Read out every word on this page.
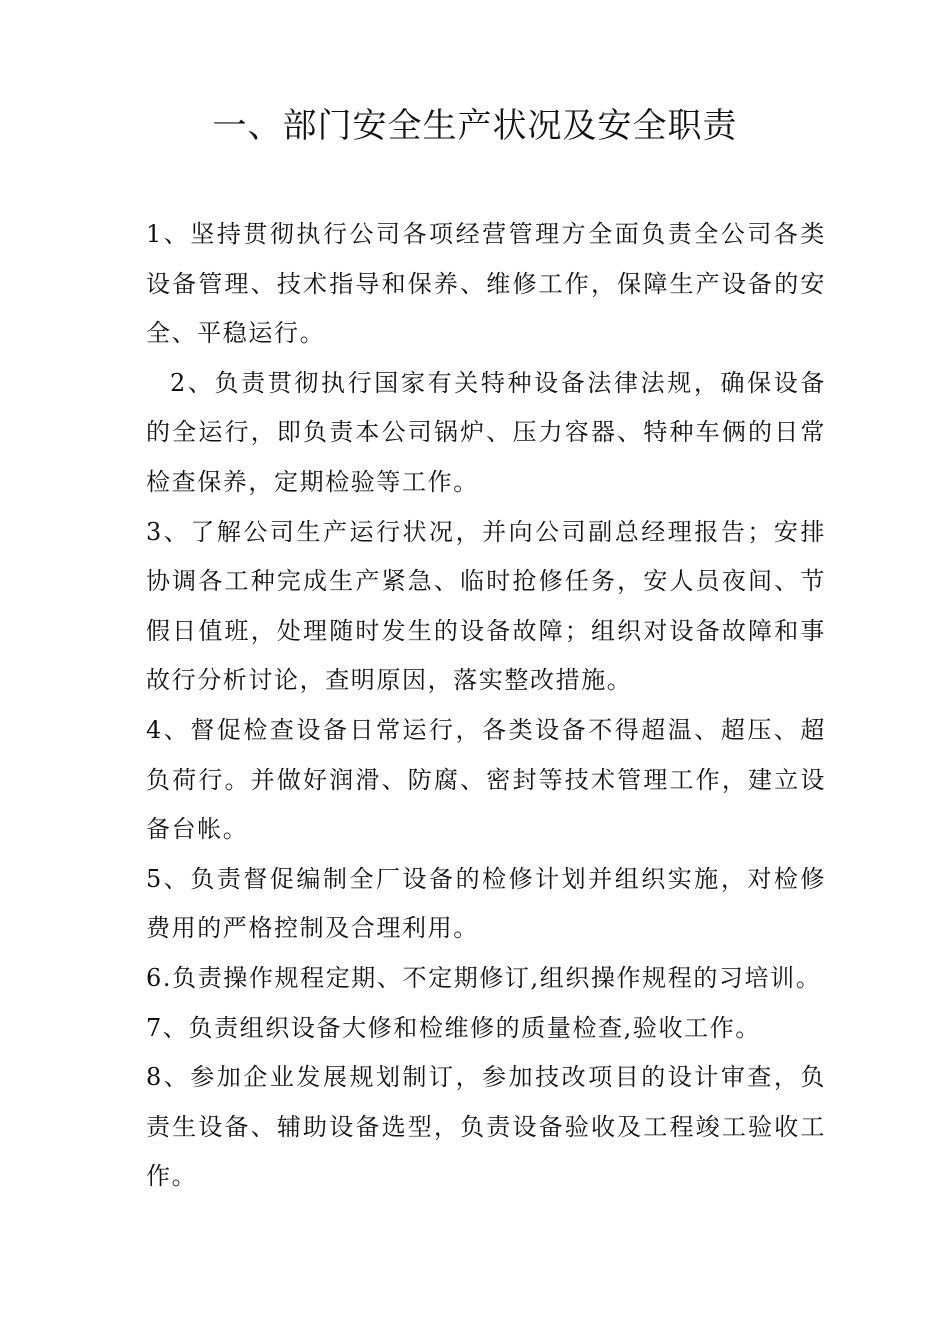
一、部门安全生产状况及安全职责

1、坚持贯彻执行公司各项经营管理方全面负责全公司各类设备管理、技术指导和保养、维修工作，保障生产设备的安全、平稳运行。

2、负责贯彻执行国家有关特种设备法律法规，确保设备的全运行，即负责本公司锅炉、压力容器、特种车俩的日常检查保养，定期检验等工作。

3、了解公司生产运行状况，并向公司副总经理报告；安排协调各工种完成生产紧急、临时抢修任务，安人员夜间、节假日值班，处理随时发生的设备故障；组织对设备故障和事故行分析讨论，查明原因，落实整改措施。

4、督促检查设备日常运行，各类设备不得超温、超压、超负荷行。并做好润滑、防腐、密封等技术管理工作，建立设备台帐。

5、负责督促编制全厂设备的检修计划并组织实施，对检修费用的严格控制及合理利用。

6.负责操作规程定期、不定期修订,组织操作规程的习培训。

7、负责组织设备大修和检维修的质量检查,验收工作。

8、参加企业发展规划制订，参加技改项目的设计审查，负责生设备、辅助设备选型，负责设备验收及工程竣工验收工作。
